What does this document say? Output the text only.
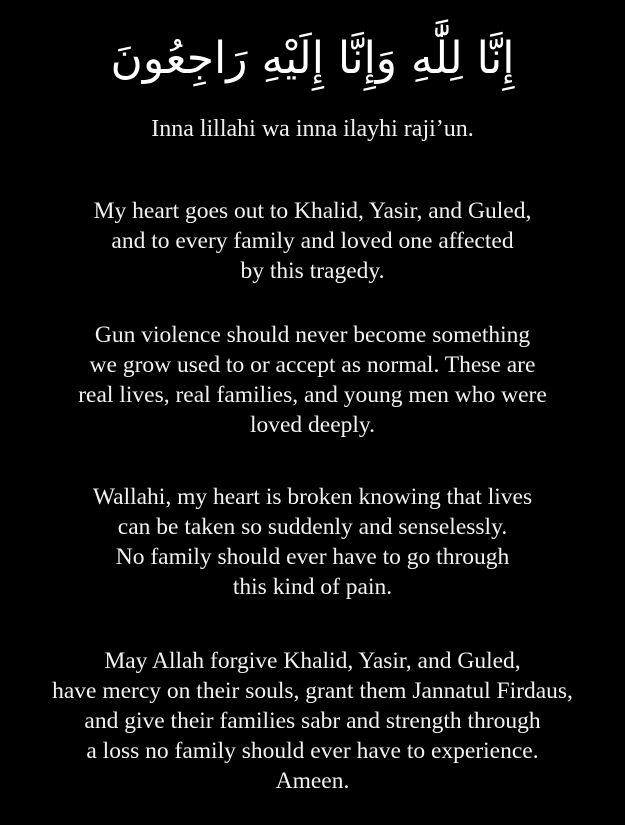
إِنَّا لِلَّٰهِ وَإِنَّا إِلَيْهِ رَاجِعُونَ
Inna lillahi wa inna ilayhi raji’un.
My heart goes out to Khalid, Yasir, and Guled,
and to every family and loved one affected
by this tragedy.
Gun violence should never become something
we grow used to or accept as normal. These are
real lives, real families, and young men who were
loved deeply.
Wallahi, my heart is broken knowing that lives
can be taken so suddenly and senselessly.
No family should ever have to go through
this kind of pain.
May Allah forgive Khalid, Yasir, and Guled,
have mercy on their souls, grant them Jannatul Firdaus,
and give their families sabr and strength through
a loss no family should ever have to experience.
Ameen.
